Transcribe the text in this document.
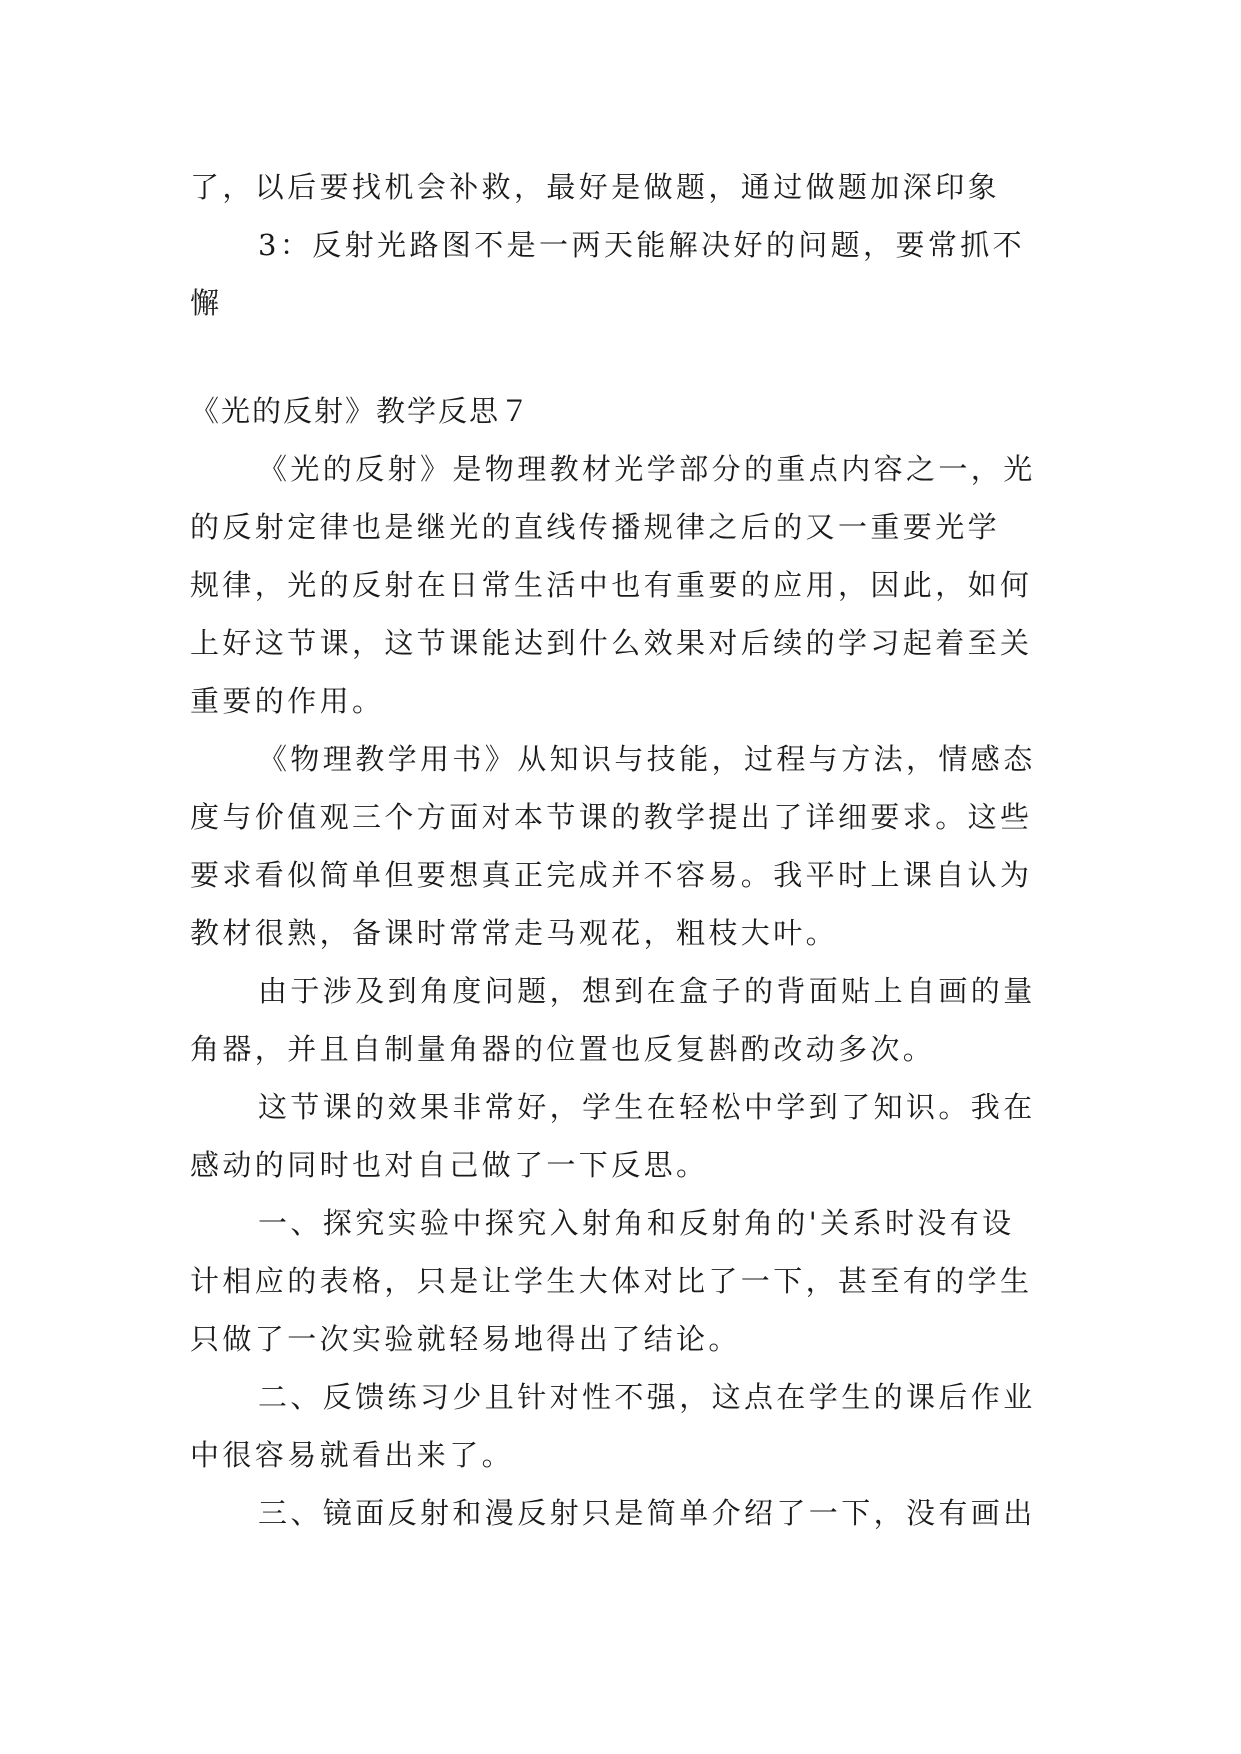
了，以后要找机会补救，最好是做题，通过做题加深印象
3：反射光路图不是一两天能解决好的问题，要常抓不
懈
《光的反射》教学反思７
《光的反射》是物理教材光学部分的重点内容之一，光
的反射定律也是继光的直线传播规律之后的又一重要光学
规律，光的反射在日常生活中也有重要的应用，因此，如何
上好这节课，这节课能达到什么效果对后续的学习起着至关
重要的作用。
《物理教学用书》从知识与技能，过程与方法，情感态
度与价值观三个方面对本节课的教学提出了详细要求。这些
要求看似简单但要想真正完成并不容易。我平时上课自认为
教材很熟，备课时常常走马观花，粗枝大叶。
由于涉及到角度问题，想到在盒子的背面贴上自画的量
角器，并且自制量角器的位置也反复斟酌改动多次。
这节课的效果非常好，学生在轻松中学到了知识。我在
感动的同时也对自己做了一下反思。
一、探究实验中探究入射角和反射角的'关系时没有设
计相应的表格，只是让学生大体对比了一下，甚至有的学生
只做了一次实验就轻易地得出了结论。
二、反馈练习少且针对性不强，这点在学生的课后作业
中很容易就看出来了。
三、镜面反射和漫反射只是简单介绍了一下，没有画出
